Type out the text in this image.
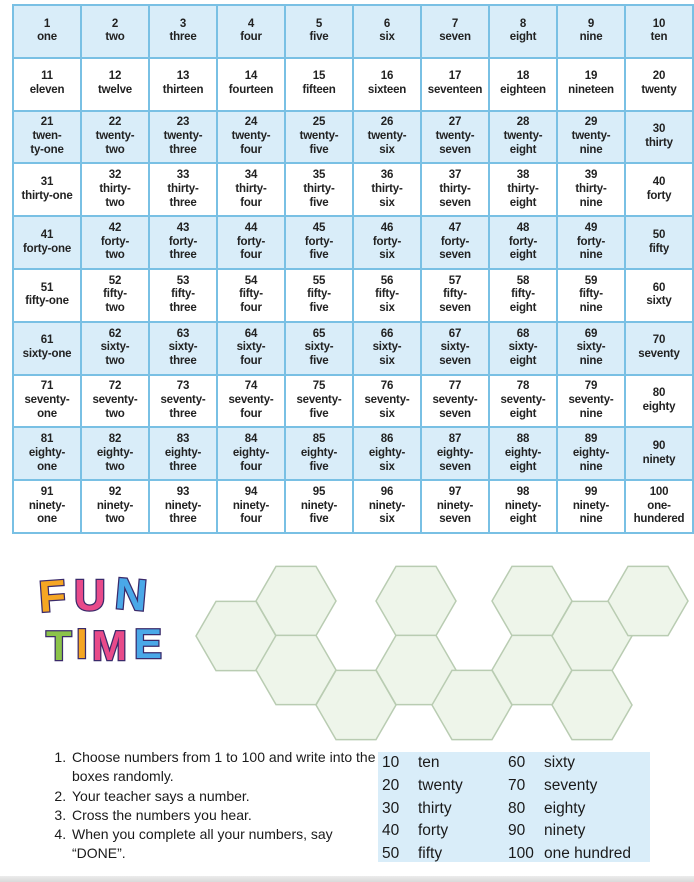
1
one
2
two
3
three
4
four
5
five
6
six
7
seven
8
eight
9
nine
10
ten
11
eleven
12
twelve
13
thirteen
14
fourteen
15
fifteen
16
sixteen
17
seventeen
18
eighteen
19
nineteen
20
twenty
21
twen-
ty-one
22
twenty-
two
23
twenty-
three
24
twenty-
four
25
twenty-
five
26
twenty-
six
27
twenty-
seven
28
twenty-
eight
29
twenty-
nine
30
thirty
31
thirty-one
32
thirty-
two
33
thirty-
three
34
thirty-
four
35
thirty-
five
36
thirty-
six
37
thirty-
seven
38
thirty-
eight
39
thirty-
nine
40
forty
41
forty-one
42
forty-
two
43
forty-
three
44
forty-
four
45
forty-
five
46
forty-
six
47
forty-
seven
48
forty-
eight
49
forty-
nine
50
fifty
51
fifty-one
52
fifty-
two
53
fifty-
three
54
fifty-
four
55
fifty-
five
56
fifty-
six
57
fifty-
seven
58
fifty-
eight
59
fifty-
nine
60
sixty
61
sixty-one
62
sixty-
two
63
sixty-
three
64
sixty-
four
65
sixty-
five
66
sixty-
six
67
sixty-
seven
68
sixty-
eight
69
sixty-
nine
70
seventy
71
seventy-
one
72
seventy-
two
73
seventy-
three
74
seventy-
four
75
seventy-
five
76
seventy-
six
77
seventy-
seven
78
seventy-
eight
79
seventy-
nine
80
eighty
81
eighty-
one
82
eighty-
two
83
eighty-
three
84
eighty-
four
85
eighty-
five
86
eighty-
six
87
eighty-
seven
88
eighty-
eight
89
eighty-
nine
90
ninety
91
ninety-
one
92
ninety-
two
93
ninety-
three
94
ninety-
four
95
ninety-
five
96
ninety-
six
97
ninety-
seven
98
ninety-
eight
99
ninety-
nine
100
one-
hundered
F U N
T I M E
1. Choose numbers from 1 to 100 and write into the boxes randomly.
2. Your teacher says a number.
3. Cross the numbers you hear.
4. When you complete all your numbers, say “DONE”.
10 ten
20 twenty
30 thirty
40 forty
50 fifty
60 sixty
70 seventy
80 eighty
90 ninety
100 one hundred
